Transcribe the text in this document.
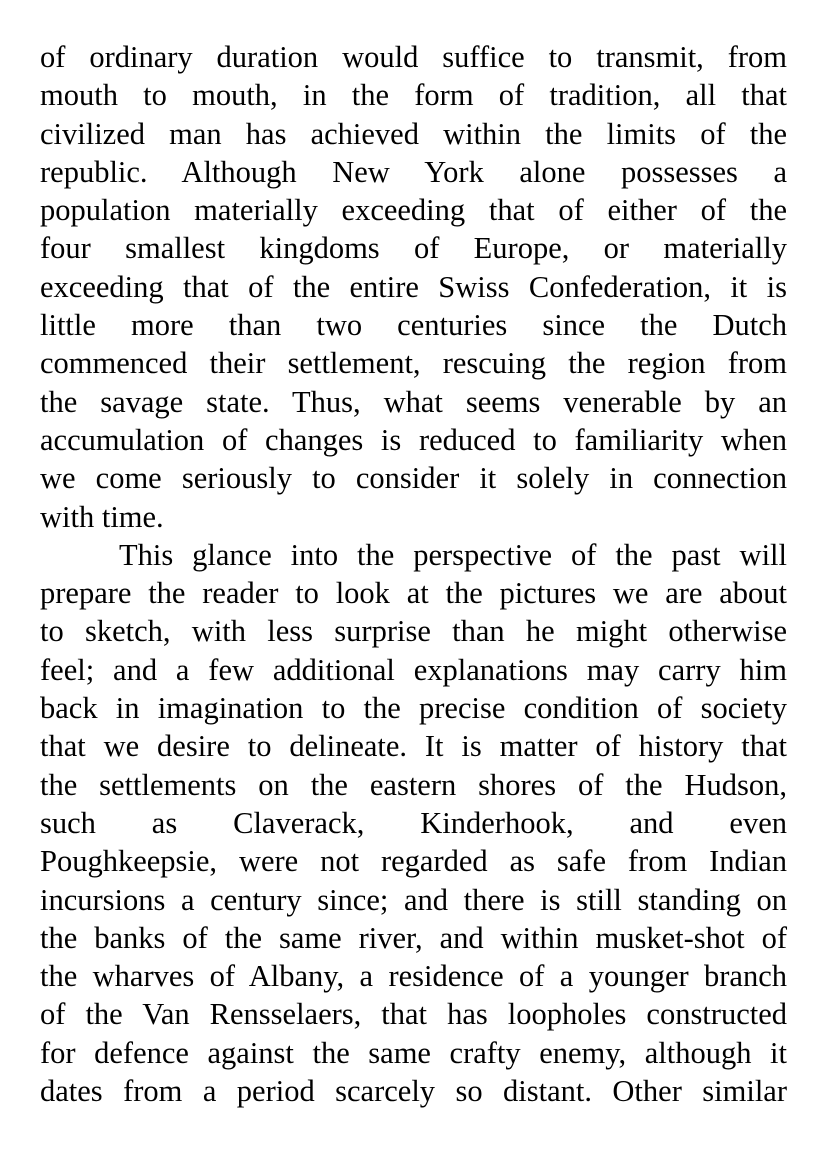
of ordinary duration would suffice to transmit, from
mouth to mouth, in the form of tradition, all that
civilized man has achieved within the limits of the
republic. Although New York alone possesses a
population materially exceeding that of either of the
four smallest kingdoms of Europe, or materially
exceeding that of the entire Swiss Confederation, it is
little more than two centuries since the Dutch
commenced their settlement, rescuing the region from
the savage state. Thus, what seems venerable by an
accumulation of changes is reduced to familiarity when
we come seriously to consider it solely in connection
with time.
This glance into the perspective of the past will
prepare the reader to look at the pictures we are about
to sketch, with less surprise than he might otherwise
feel; and a few additional explanations may carry him
back in imagination to the precise condition of society
that we desire to delineate. It is matter of history that
the settlements on the eastern shores of the Hudson,
such as Claverack, Kinderhook, and even
Poughkeepsie, were not regarded as safe from Indian
incursions a century since; and there is still standing on
the banks of the same river, and within musket-shot of
the wharves of Albany, a residence of a younger branch
of the Van Rensselaers, that has loopholes constructed
for defence against the same crafty enemy, although it
dates from a period scarcely so distant. Other similar
